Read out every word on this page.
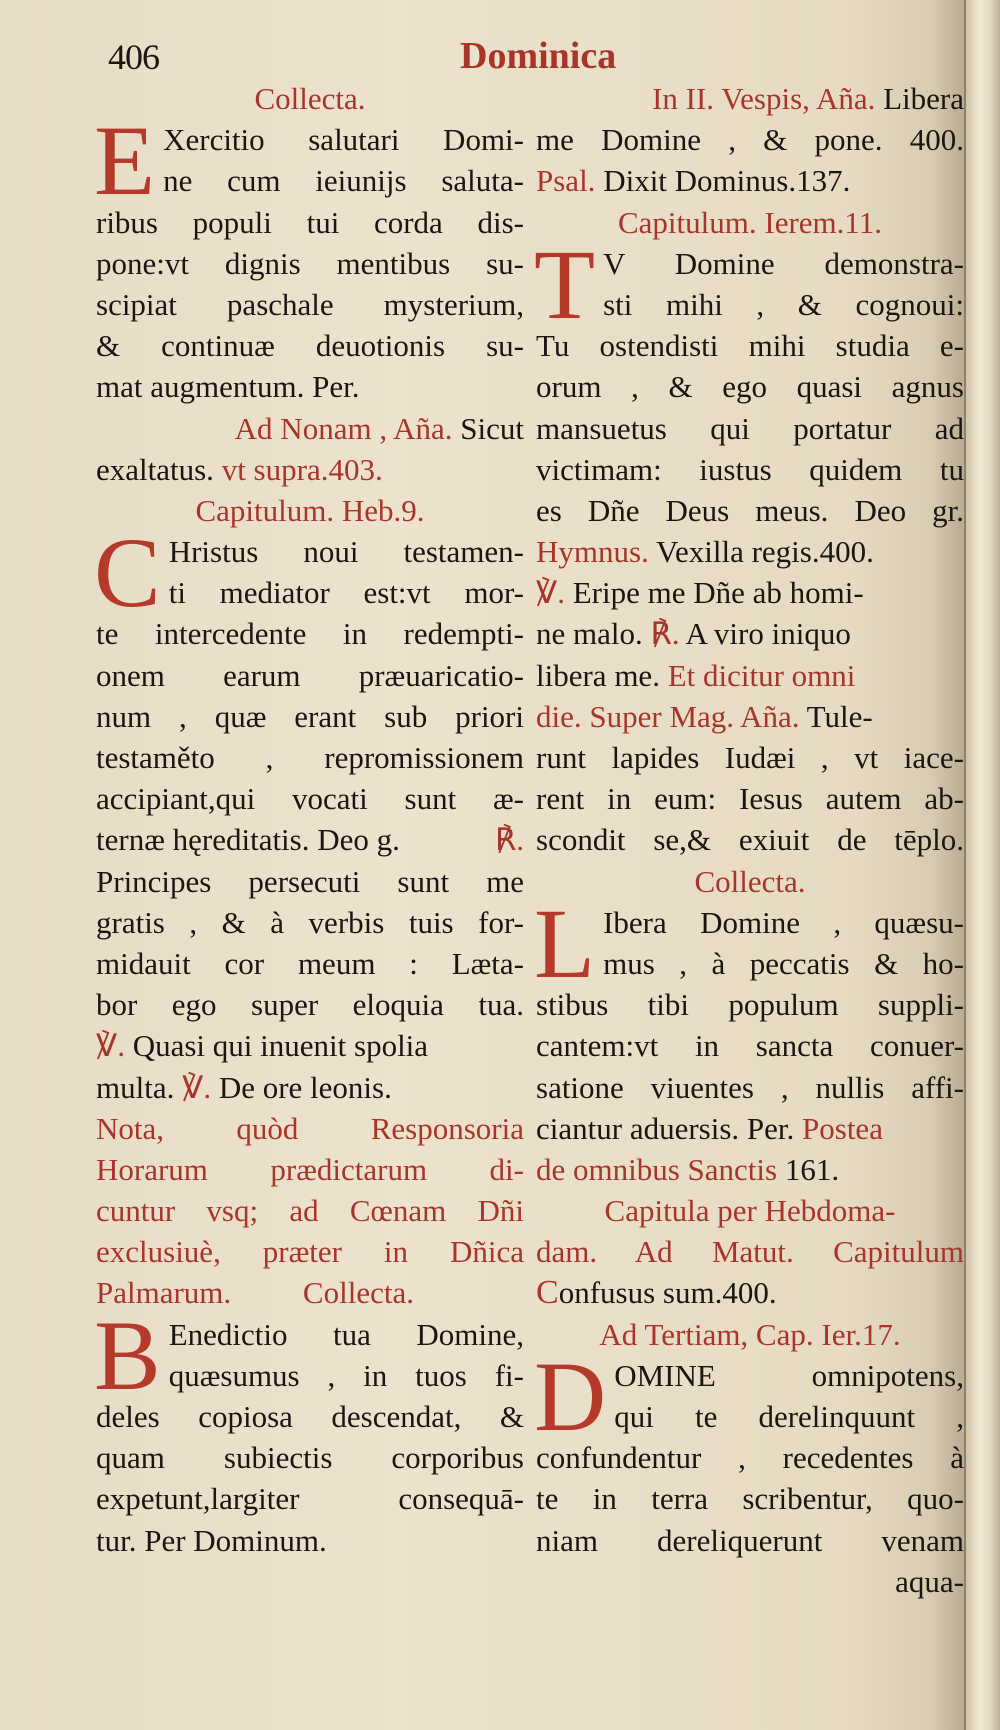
406	Dominica
Collecta.
E Xercitio salutari Domi-
ne cum ieiunijs saluta-
ribus populi tui corda dis-
pone:vt dignis mentibus su-
scipiat paschale mysterium,
& continuæ deuotionis su-
mat augmentum. Per.
Ad Nonam , Aña. Sicut
exaltatus. vt supra.403.
Capitulum. Heb.9.
C Hristus noui testamen-
ti mediator est:vt mor-
te intercedente in redempti-
onem earum præuaricatio-
num , quæ erant sub priori
testaměto , repromissionem
accipiant,qui vocati sunt æ-
ternæ hęreditatis. Deo g.	℟.
Principes persecuti sunt me
gratis , & à verbis tuis for-
midauit cor meum : Læta-
bor ego super eloquia tua.
℣. Quasi qui inuenit spolia
multa. ℣. De ore leonis.
Nota, quòd Responsoria
Horarum prædictarum di-
cuntur vsq; ad Cœnam Dñi
exclusiuè, præter in Dñica
Palmarum. Collecta.
B Enedictio tua Domine,
quæsumus , in tuos fi-
deles copiosa descendat, &
quam subiectis corporibus
expetunt,largiter consequā-
tur. Per Dominum.
In II. Vespis, Aña. Libera
me Domine , & pone. 400.
Psal. Dixit Dominus.137.
Capitulum. Ierem.11.
T V Domine demonstra-
sti mihi , & cognoui:
Tu ostendisti mihi studia e-
orum , & ego quasi agnus
mansuetus qui portatur ad
victimam: iustus quidem tu
es Dñe Deus meus. Deo gr.
Hymnus. Vexilla regis.400.
℣. Eripe me Dñe ab homi-
ne malo. ℟. A viro iniquo
libera me. Et dicitur omni
die. Super Mag. Aña. Tule-
runt lapides Iudæi , vt iace-
rent in eum: Iesus autem ab-
scondit se,& exiuit de tēplo.
Collecta.
L Ibera Domine , quæsu-
mus , à peccatis & ho-
stibus tibi populum suppli-
cantem:vt in sancta conuer-
satione viuentes , nullis affi-
ciantur aduersis. Per. Postea
de omnibus Sanctis 161.
Capitula per Hebdoma-
dam. Ad Matut. Capitulum
Confusus sum.400.
Ad Tertiam, Cap. Ier.17.
D OMINE omnipotens,
qui te derelinquunt ,
confundentur , recedentes à
te in terra scribentur, quo-
niam dereliquerunt venam
aqua-
